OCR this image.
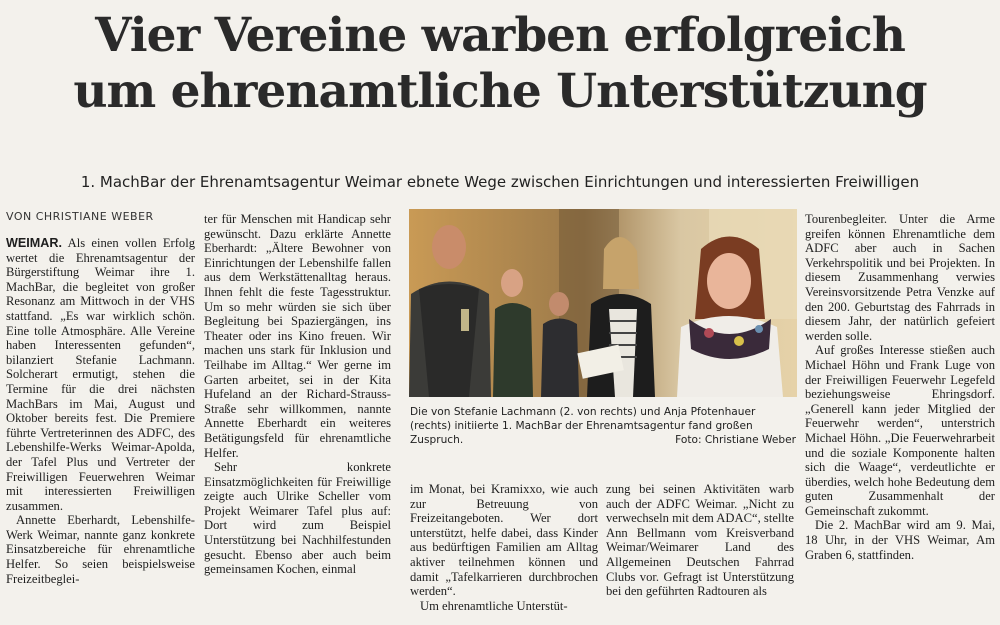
Vier Vereine warben erfolgreich
um ehrenamtliche Unterstützung
1. MachBar der Ehrenamtsagentur Weimar ebnete Wege zwischen Einrichtungen und interessierten Freiwilligen
VON CHRISTIANE WEBER

WEIMAR. Als einen vollen Erfolg wertet die Ehrenamtsagentur der Bürgerstiftung Weimar ihre 1. MachBar, die begleitet von großer Resonanz am Mittwoch in der VHS stattfand. „Es war wirklich schön. Eine tolle Atmosphäre. Alle Vereine haben Interessenten gefunden“, bilanziert Stefanie Lachmann. Solcherart ermutigt, stehen die Termine für die drei nächsten MachBars im Mai, August und Oktober bereits fest. Die Premiere führte Vertreterinnen des ADFC, des Lebenshilfe-Werks Weimar-Apolda, der Tafel Plus und Vertreter der Freiwilligen Feuerwehren Weimar mit interessierten Freiwilligen zusammen.

Annette Eberhardt, Lebenshilfe-Werk Weimar, nannte ganz konkrete Einsatzbereiche für ehrenamtliche Helfer. So seien beispielsweise Freizeitbeglei-

ter für Menschen mit Handicap sehr gewünscht. Dazu erklärte Annette Eberhardt: „Ältere Bewohner von Einrichtungen der Lebenshilfe fallen aus dem Werkstättenalltag heraus. Ihnen fehlt die feste Tagesstruktur. Um so mehr würden sie sich über Begleitung bei Spaziergängen, ins Theater oder ins Kino freuen. Wir machen uns stark für Inklusion und Teilhabe im Alltag.“ Wer gerne im Garten arbeitet, sei in der Kita Hufeland an der Richard-Strauss-Straße sehr willkommen, nannte Annette Eberhardt ein weiteres Betätigungsfeld für ehrenamtliche Helfer.

Sehr konkrete Einsatzmöglichkeiten für Freiwillige zeigte auch Ulrike Scheller vom Projekt Weimarer Tafel plus auf: Dort wird zum Beispiel Unterstützung bei Nachhilfestunden gesucht. Ebenso aber auch beim gemeinsamen Kochen, einmal

Die von Stefanie Lachmann (2. von rechts) und Anja Pfotenhauer (rechts) initiierte 1. MachBar der Ehrenamtsagentur fand großen Zuspruch.	Foto: Christiane Weber

im Monat, bei Kramixxo, wie auch zur Betreuung von Freizeitangeboten. Wer dort unterstützt, helfe dabei, dass Kinder aus bedürftigen Familien am Alltag aktiver teilnehmen können und damit „Tafelkarrieren durchbrochen werden“.

Um ehrenamtliche Unterstüt-

zung bei seinen Aktivitäten warb auch der ADFC Weimar. „Nicht zu verwechseln mit dem ADAC“, stellte Ann Bellmann vom Kreisverband Weimar/Weimarer Land des Allgemeinen Deutschen Fahrrad Clubs vor. Gefragt ist Unterstützung bei den geführten Radtouren als

Tourenbegleiter. Unter die Arme greifen können Ehrenamtliche dem ADFC aber auch in Sachen Verkehrspolitik und bei Projekten. In diesem Zusammenhang verwies Vereinsvorsitzende Petra Venzke auf den 200. Geburtstag des Fahrrads in diesem Jahr, der natürlich gefeiert werden solle.

Auf großes Interesse stießen auch Michael Höhn und Frank Luge von der Freiwilligen Feuerwehr Legefeld beziehungsweise Ehringsdorf. „Generell kann jeder Mitglied der Feuerwehr werden“, unterstrich Michael Höhn. „Die Feuerwehrarbeit und die soziale Komponente halten sich die Waage“, verdeutlichte er überdies, welch hohe Bedeutung dem guten Zusammenhalt der Gemeinschaft zukommt.

Die 2. MachBar wird am 9. Mai, 18 Uhr, in der VHS Weimar, Am Graben 6, stattfinden.
